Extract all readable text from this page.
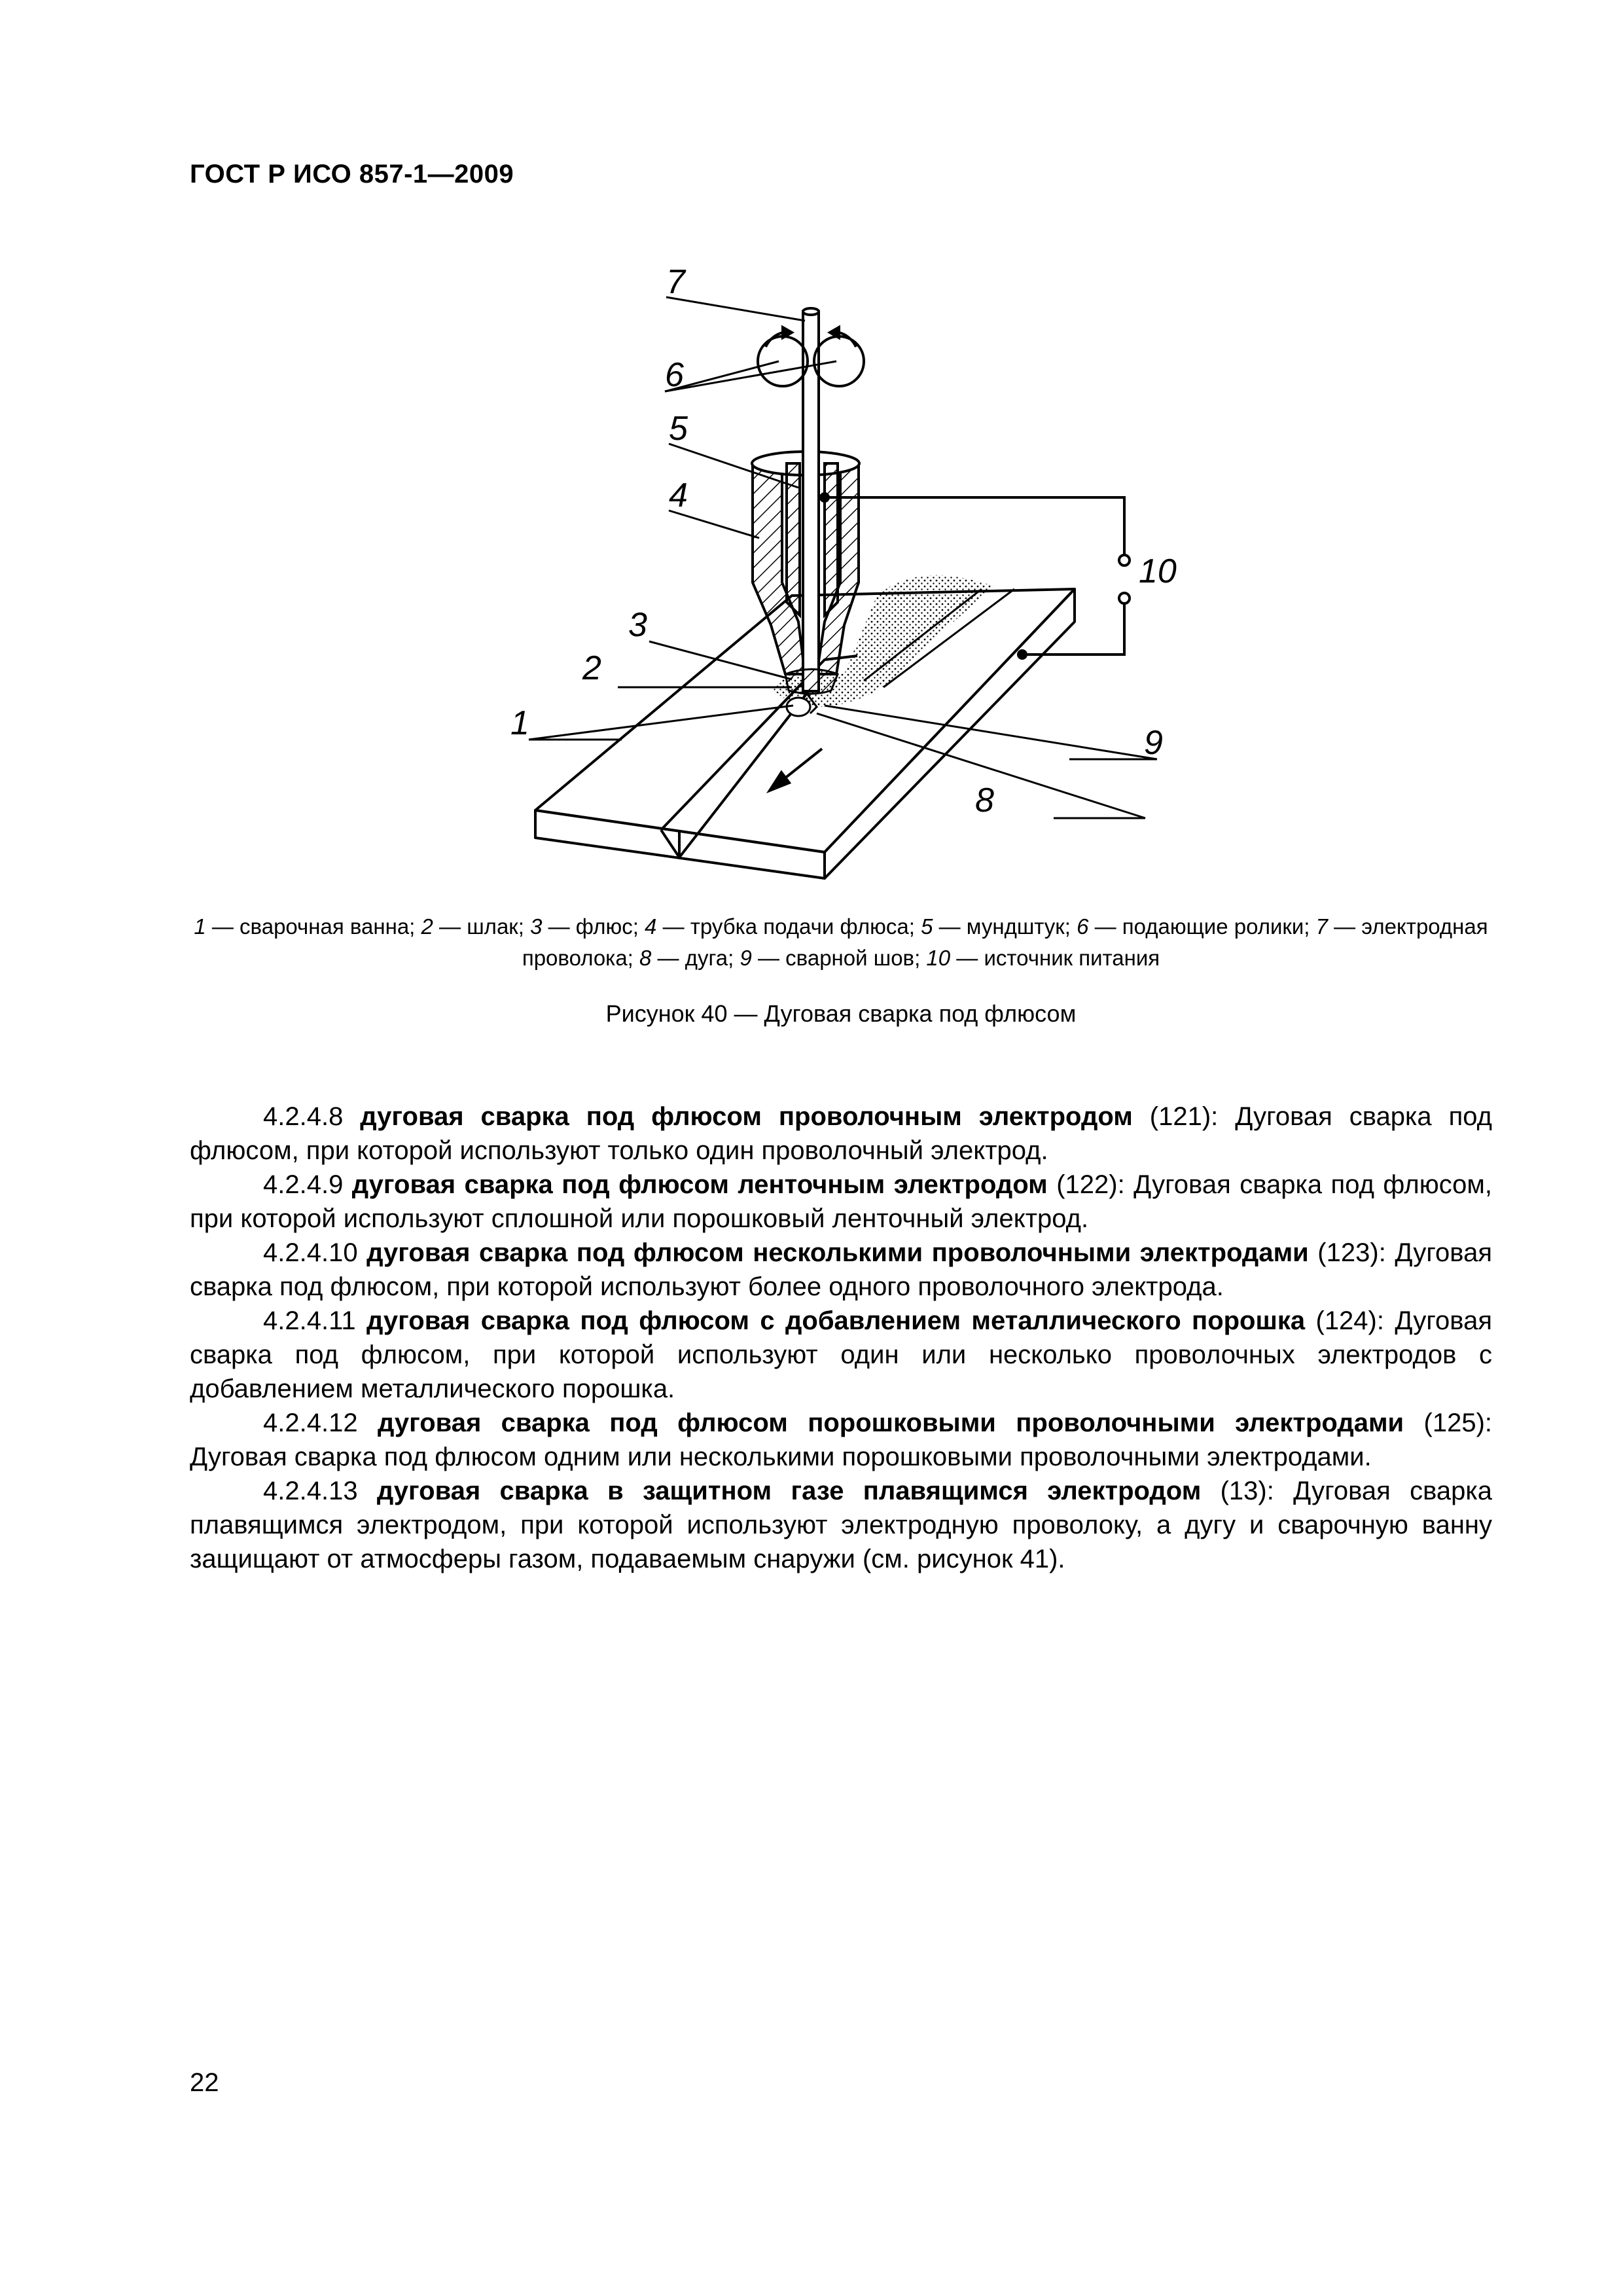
ГОСТ Р ИСО 857-1—2009
7
6
5
4
3
2
1
10
9
8
1 — сварочная ванна; 2 — шлак; 3 — флюс; 4 — трубка подачи флюса; 5 — мундштук; 6 — подающие ролики; 7 — электродная проволока; 8 — дуга; 9 — сварной шов; 10 — источник питания
Рисунок 40 — Дуговая сварка под флюсом

4.2.4.8 дуговая сварка под флюсом проволочным электродом (121): Дуговая сварка под флюсом, при которой используют только один проволочный электрод.

4.2.4.9 дуговая сварка под флюсом ленточным электродом (122): Дуговая сварка под флюсом, при которой используют сплошной или порошковый ленточный электрод.

4.2.4.10 дуговая сварка под флюсом несколькими проволочными электродами (123): Дуговая сварка под флюсом, при которой используют более одного проволочного электрода.

4.2.4.11 дуговая сварка под флюсом с добавлением металлического порошка (124): Дуговая сварка под флюсом, при которой используют один или несколько проволочных электродов с добавлением металлического порошка.

4.2.4.12 дуговая сварка под флюсом порошковыми проволочными электродами (125): Дуговая сварка под флюсом одним или несколькими порошковыми проволочными электродами.

4.2.4.13 дуговая сварка в защитном газе плавящимся электродом (13): Дуговая сварка плавящимся электродом, при которой используют электродную проволоку, а дугу и сварочную ванну защищают от атмосферы газом, подаваемым снаружи (см. рисунок 41).

22
